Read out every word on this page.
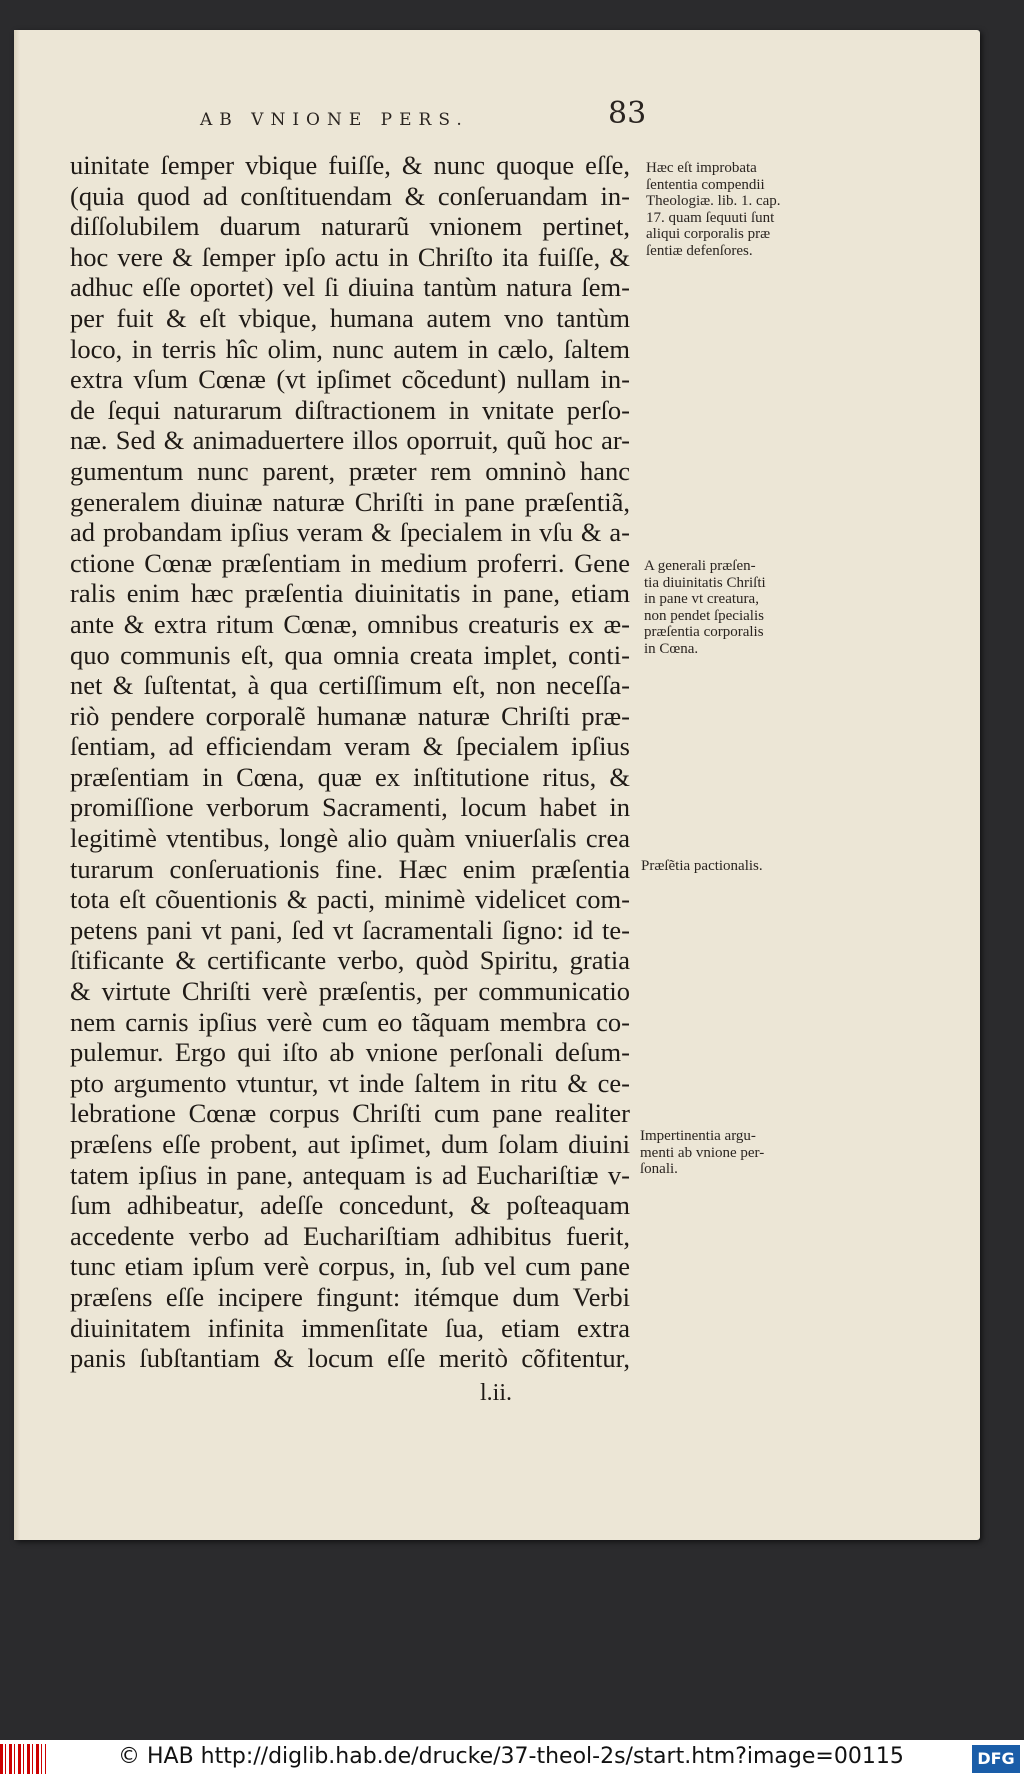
AB VNIONE PERS.	83
uinitate ſemper vbique fuiſſe, & nunc quoque eſſe,
(quia quod ad conſtituendam & conſeruandam in-
diſſolubilem duarum naturarũ vnionem pertinet,
hoc vere & ſemper ipſo actu in Chriſto ita fuiſſe, &
adhuc eſſe oportet) vel ſi diuina tantùm natura ſem-
per fuit & eſt vbique, humana autem vno tantùm
loco, in terris hîc olim, nunc autem in cælo, ſaltem
extra vſum Cœnæ (vt ipſimet cõcedunt) nullam in-
de ſequi naturarum diſtractionem in vnitate perſo-
næ. Sed & animaduertere illos oporruit, quũ hoc ar-
gumentum nunc parent, præter rem omninò hanc
generalem diuinæ naturæ Chriſti in pane præſentiã,
ad probandam ipſius veram & ſpecialem in vſu & a-
ctione Cœnæ præſentiam in medium proferri. Gene
ralis enim hæc præſentia diuinitatis in pane, etiam
ante & extra ritum Cœnæ, omnibus creaturis ex æ-
quo communis eſt, qua omnia creata implet, conti-
net & ſuſtentat, à qua certiſſimum eſt, non neceſſa-
riò pendere corporalẽ humanæ naturæ Chriſti præ-
ſentiam, ad efficiendam veram & ſpecialem ipſius
præſentiam in Cœna, quæ ex inſtitutione ritus, &
promiſſione verborum Sacramenti, locum habet in
legitimè vtentibus, longè alio quàm vniuerſalis crea
turarum conſeruationis fine. Hæc enim præſentia
tota eſt cõuentionis & pacti, minimè videlicet com-
petens pani vt pani, ſed vt ſacramentali ſigno: id te-
ſtificante & certificante verbo, quòd Spiritu, gratia
& virtute Chriſti verè præſentis, per communicatio
nem carnis ipſius verè cum eo tãquam membra co-
pulemur. Ergo qui iſto ab vnione perſonali deſum-
pto argumento vtuntur, vt inde ſaltem in ritu & ce-
lebratione Cœnæ corpus Chriſti cum pane realiter
præſens eſſe probent, aut ipſimet, dum ſolam diuini
tatem ipſius in pane, antequam is ad Euchariſtiæ v-
ſum adhibeatur, adeſſe concedunt, & poſteaquam
accedente verbo ad Euchariſtiam adhibitus fuerit,
tunc etiam ipſum verè corpus, in, ſub vel cum pane
præſens eſſe incipere fingunt: itémque dum Verbi
diuinitatem infinita immenſitate ſua, etiam extra
panis ſubſtantiam & locum eſſe meritò cõfitentur,
Hæc eſt improbata
ſententia compendii
Theologiæ. lib. 1. cap.
17. quam ſequuti ſunt
aliqui corporalis præ
ſentiæ defenſores.
A generali præſen-
tia diuinitatis Chriſti
in pane vt creatura,
non pendet ſpecialis
præſentia corporalis
in Cœna.
Præſẽtia pactionalis.
Impertinentia argu-
menti ab vnione per-
ſonali.
l.ii.
© HAB http://diglib.hab.de/drucke/37-theol-2s/start.htm?image=00115	DFG
